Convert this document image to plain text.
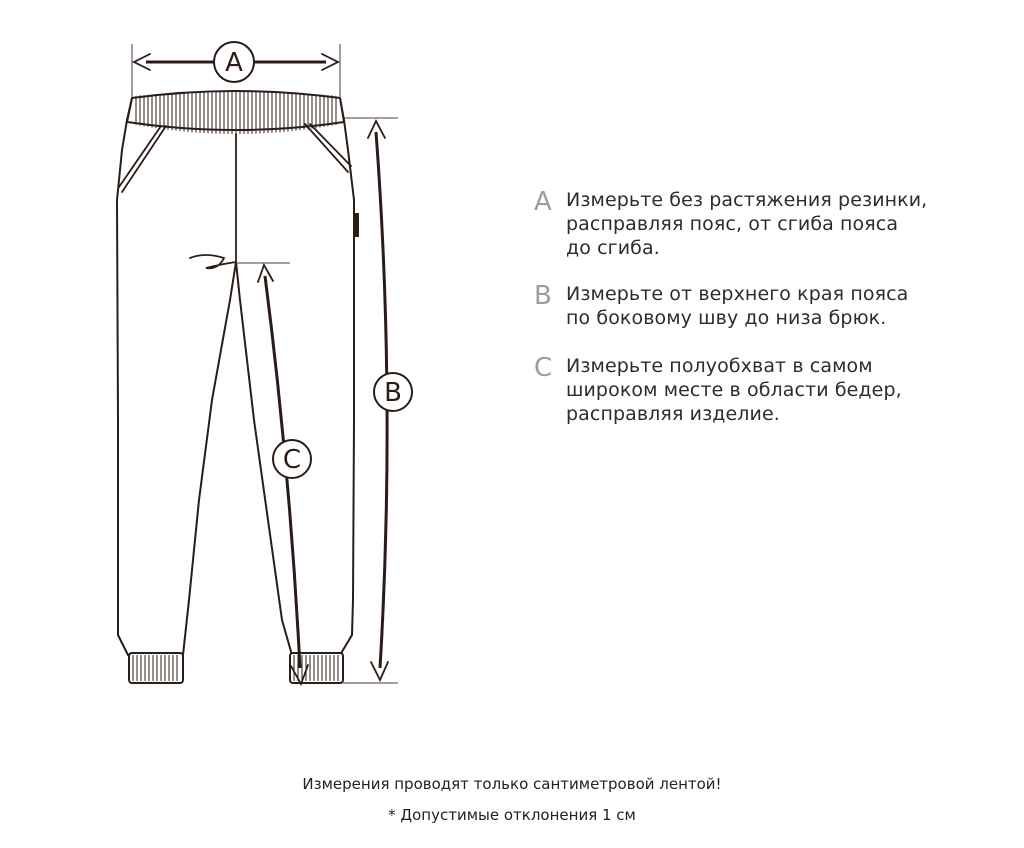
A
B
C
A Измерьте без растяжения резинки,
расправляя пояс, от сгиба пояса
до сгиба.
B Измерьте от верхнего края пояса
по боковому шву до низа брюк.
C Измерьте полуобхват в самом
широком месте в области бедер,
расправляя изделие.
Измерения проводят только сантиметровой лентой!
* Допустимые отклонения 1 см
